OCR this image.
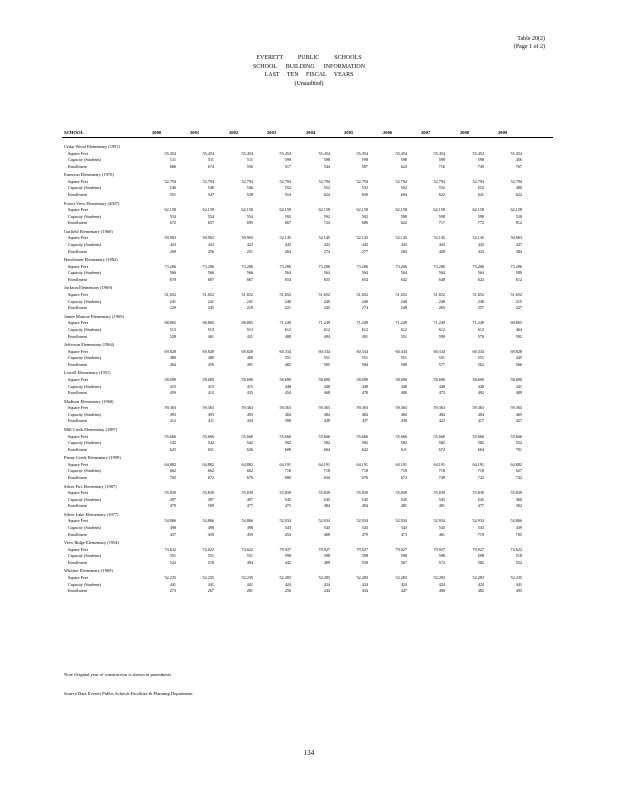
Table 20(2)
(Page 1 of 2)
EVERETT          PUBLIC          SCHOOLS
SCHOOL      BUILDING      INFORMATION
LAST     TEN     FISCAL     YEARS
(Unaudited)
SCHOOL	2000	2001	2002	2003	2004	2005	2006	2007	2008	2009
Cedar Wood Elementary (1991)
Square Feet	55,454	55,454	55,454	55,454	55,454	55,454	55,454	55,454	55,454	55,454
Capacity (Students)	511	511	511	598	598	598	598	598	598	456
Enrollment	686	674	556	517	544	587	622	716	749	767
Emerson Elementary (1970)
Square Feet	52,794	52,794	52,794	52,794	52,794	52,794	52,794	52,794	52,794	52,794
Capacity (Students)	546	546	546	552	552	552	552	552	552	480
Enrollment	551	547	528	554	624	650	604	622	641	622
Forest View Elementary (2007)
Square Feet	62,158	62,158	62,158	62,158	62,158	62,158	62,158	62,158	62,158	62,158
Capacity (Students)	554	554	554	592	592	592	598	598	598	520
Enrollment	672	657	695	667	724	686	622	717	772	812
Garfield Elementary (1960)
Square Feet	50,963	50,963	50,963	52,145	52,145	52,145	52,145	52,145	52,145	50,963
Capacity (Students)	423	423	423	443	443	443	443	443	443	447
Enrollment	269	256	251	264	274	277	284	428	434	384
Hawthorne Elementary (1982)
Square Feet	73,206	73,206	73,206	73,206	73,206	73,206	73,206	73,206	73,206	73,206
Capacity (Students)	566	566	566	564	564	564	564	564	564	580
Enrollment	670	687	667	654	655	654	642	648	622	612
Jackson Elementary (1969)
Square Feet	51,652	51,652	51,652	51,652	51,652	51,652	51,652	51,652	51,652	51,652
Capacity (Students)	241	241	241	240	240	240	240	240	240	215
Enrollment	229	235	218	221	245	274	249	265	257	227
James Monroe Elementary (1969)
Square Feet	68,865	68,865	68,865	71,249	71,249	71,249	71,249	71,249	71,249	68,865
Capacity (Students)	513	513	513	612	612	612	612	612	612	464
Enrollment	528	461	431	488	494	491	551	599	570	592
Jefferson Elementary (1964)
Square Feet	69,828	69,828	69,828	60,334	60,334	60,334	60,334	60,334	60,334	69,828
Capacity (Students)	480	480	480	551	551	551	551	551	551	445
Enrollment	464	459	491	482	505	504	508	577	562	566
Lowell Elementary (1951)
Square Feet	58,690	58,690	58,690	58,690	58,690	58,690	58,690	58,690	58,690	58,690
Capacity (Students)	415	415	415	448	448	448	448	448	448	441
Enrollment	459	412	435	454	468	478	480	475	492	489
Madison Elementary (1968)
Square Feet	59,363	59,363	59,363	59,363	59,363	59,363	59,363	59,363	59,363	59,363
Capacity (Students)	493	493	493	484	484	484	484	484	484	465
Enrollment	412	411	434	398	438	437	438	422	417	427
Mill Creek Elementary (1987)
Square Feet	55,666	55,666	55,666	55,666	55,666	55,666	55,666	55,666	55,666	55,666
Capacity (Students)	542	542	542	582	582	582	582	582	582	552
Enrollment	625	651	626	608	604	622	611	672	664	701
Penny Creek Elementary (1999)
Square Feet	64,882	64,882	64,882	64,191	64,191	64,191	64,191	64,191	64,191	64,882
Capacity (Students)	662	662	662	718	718	718	718	718	718	627
Enrollment	702	672	676	680	634	676	672	749	742	742
Silver Firs Elementary (1987)
Square Feet	55,839	55,839	55,839	55,839	55,839	55,839	55,839	55,839	55,839	55,839
Capacity (Students)	497	497	497	545	545	545	545	545	545	460
Enrollment	479	509	477	473	484	494	481	491	477	502
Silver Lake Elementary (1977)
Square Feet	54,866	54,866	54,866	52,934	52,934	52,934	52,934	52,934	52,934	54,866
Capacity (Students)	498	498	498	543	543	543	543	543	543	439
Enrollment	437	459	459	454	468	479	473	461	719	705
View Ridge Elementary (1954)
Square Feet	74,622	74,622	74,622	79,927	79,927	79,927	79,927	79,927	79,927	74,622
Capacity (Students)	551	551	551	598	598	598	598	598	598	518
Enrollment	522	518	494	442	489	538	567	572	582	552
Whittier Elementary (1969)
Square Feet	52,235	52,235	52,235	52,283	52,283	52,283	52,283	52,283	52,283	52,235
Capacity (Students)	441	441	441	424	424	424	424	424	424	441
Enrollment	273	267	281	256	244	434	447	490	482	495
Note Original year of construction is shown in parenthesis
Source Data Everett Public Schools Facilities & Planning Department
134
